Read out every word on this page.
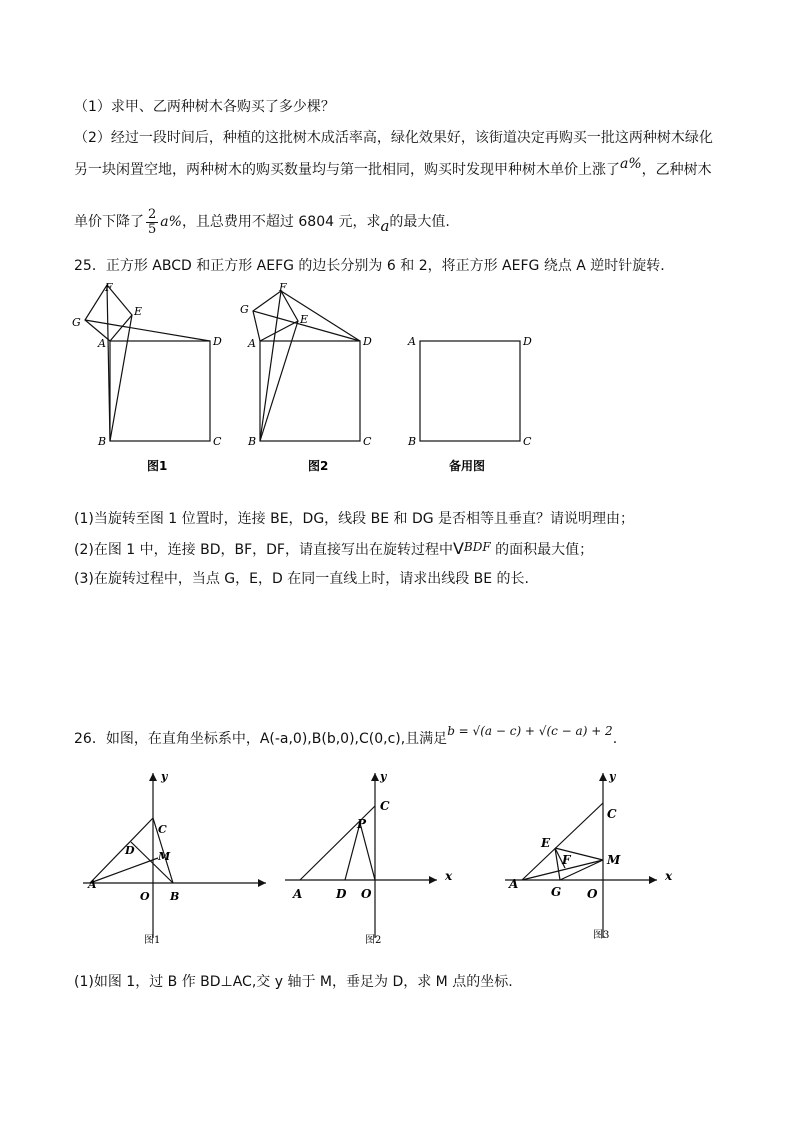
（1）求甲、乙两种树木各购买了多少棵？
（2）经过一段时间后，种植的这批树木成活率高，绿化效果好，该街道决定再购买一批这两种树木绿化
另一块闲置空地，两种树木的购买数量均与第一批相同，购买时发现甲种树木单价上涨了a%，乙种树木
单价下降了 $\frac{2}{5} a\%$，且总费用不超过 6804 元，求a的最大值.
25．正方形 ABCD 和正方形 AEFG 的边长分别为 6 和 2，将正方形 AEFG 绕点 A 逆时针旋转.
F
E
G
A	D
B	C
图1
F
E
G
A	D
B	C
图2
A	D
B	C
备用图
(1)当旋转至图 1 位置时，连接 BE，DG，线段 BE 和 DG 是否相等且垂直？请说明理由；
(2)在图 1 中，连接 BD，BF，DF，请直接写出在旋转过程中VBDF 的面积最大值；
(3)在旋转过程中，当点 G，E，D 在同一直线上时，请求出线段 BE 的长.
26．如图，在直角坐标系中，A(-a,0),B(b,0),C(0,c),且满足b = √(a − c) + √(c − a) + 2.
y
C
D M
A
O B
图1
y
C
P
x
A	D O
图2
y
C
E
F	M
x
A
G O
图3
(1)如图 1，过 B 作 BD⊥AC,交 y 轴于 M，垂足为 D，求 M 点的坐标.
